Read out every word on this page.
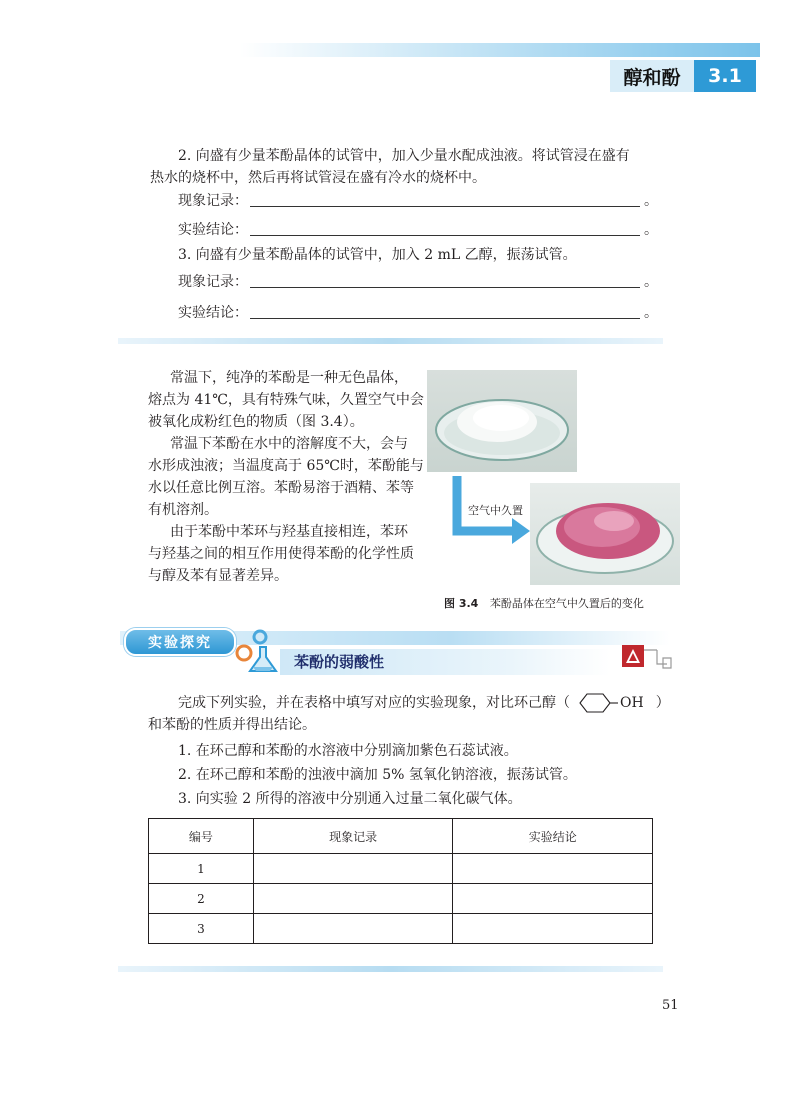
醇和酚	3.1
2. 向盛有少量苯酚晶体的试管中，加入少量水配成浊液。将试管浸在盛有
热水的烧杯中，然后再将试管浸在盛有冷水的烧杯中。
现象记录：	。
实验结论：	。
3. 向盛有少量苯酚晶体的试管中，加入 2 mL 乙醇，振荡试管。
现象记录：	。
实验结论：	。
常温下，纯净的苯酚是一种无色晶体，
熔点为 41℃，具有特殊气味，久置空气中会
被氧化成粉红色的物质（图 3.4）。
常温下苯酚在水中的溶解度不大，会与
水形成浊液；当温度高于 65℃时，苯酚能与
水以任意比例互溶。苯酚易溶于酒精、苯等
有机溶剂。
由于苯酚中苯环与羟基直接相连，苯环
与羟基之间的相互作用使得苯酚的化学性质
与醇及苯有显著差异。
空气中久置
图 3.4 苯酚晶体在空气中久置后的变化
实验探究
苯酚的弱酸性
完成下列实验，并在表格中填写对应的实验现象，对比环己醇（	OH ）
和苯酚的性质并得出结论。
1. 在环己醇和苯酚的水溶液中分别滴加紫色石蕊试液。
2. 在环己醇和苯酚的浊液中滴加 5% 氢氧化钠溶液，振荡试管。
3. 向实验 2 所得的溶液中分别通入过量二氧化碳气体。
编号	现象记录	实验结论
1		
2		
3		
51
